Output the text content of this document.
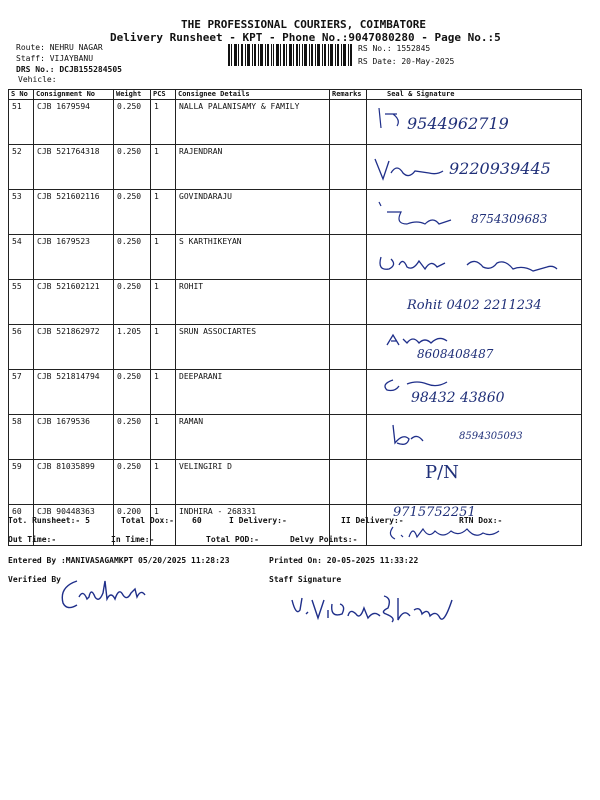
THE PROFESSIONAL COURIERS, COIMBATORE
Delivery Runsheet - KPT - Phone No.:9047080280 - Page No.:5
Route: NEHRU NAGAR
Staff: VIJAYBANU
DRS No.: DCJB155284505
Vehicle:
RS No.: 1552845
RS Date: 20-May-2025
S No	Consignment No	Weight	PCS	Consignee Details	Remarks	Seal & Signature
51	CJB 1679594	0.250	1	NALLA PALANISAMY & FAMILY		9544962719

52	CJB 521764318	0.250	1	RAJENDRAN		9220939445

53	CJB 521602116	0.250	1	GOVINDARAJU		8754309683

54	CJB 1679523	0.250	1	S KARTHIKEYAN		

55	CJB 521602121	0.250	1	ROHIT		Rohit 0402 2211234

56	CJB 521862972	1.205	1	SRUN ASSOCIARTES		8608408487

57	CJB 521814794	0.250	1	DEEPARANI		98432 43860

58	CJB 1679536	0.250	1	RAMAN		8594305093

59	CJB 81035899	0.250	1	VELINGIRI D		P/N

60	CJB 90448363	0.200	1	INDHIRA - 268331		9715752251
Tot. Runsheet:- 5	Total Dox:- 60	I Delivery:-	II Delivery:-	RTN Dox:-
Out Time:-	In Time:-	Total POD:-	Delvy Points:-
Entered By :MANIVASAGAMKPT 05/20/2025 11:28:23	Printed On: 20-05-2025 11:33:22
Verified By	Staff Signature
